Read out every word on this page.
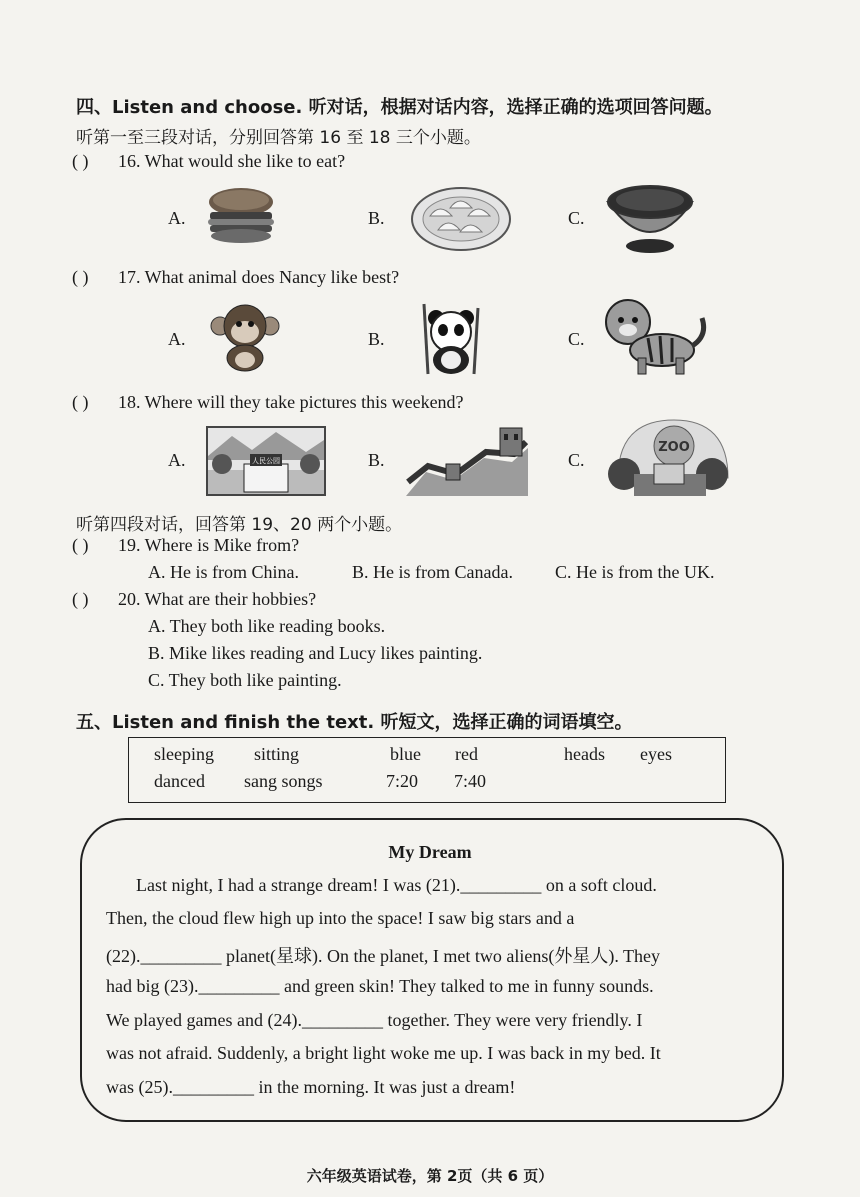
四、Listen and choose. 听对话，根据对话内容，选择正确的选项回答问题。
听第一至三段对话，分别回答第 16 至 18 三个小题。
( ) 16. What would she like to eat?
A.	B.	C.
( ) 17. What animal does Nancy like best?
A.	B.	C.
( ) 18. Where will they take pictures this weekend?
A.	人民公园	B.	C.
ZOO
听第四段对话，回答第 19、20 两个小题。
( ) 19. Where is Mike from?
A. He is from China.	B. He is from Canada. C. He is from the UK.
( ) 20. What are their hobbies?
A. They both like reading books.
B. Mike likes reading and Lucy likes painting.
C. They both like painting.
五、Listen and finish the text. 听短文，选择正确的词语填空。
sleeping sitting	blue red	heads eyes
danced sang songs	7:20 7:40
My Dream
Last night, I had a strange dream! I was (21)._________ on a soft cloud.
Then, the cloud flew high up into the space! I saw big stars and a
(22)._________ planet(星球). On the planet, I met two aliens(外星人). They
had big (23)._________ and green skin! They talked to me in funny sounds.
We played games and (24)._________ together. They were very friendly. I
was not afraid. Suddenly, a bright light woke me up. I was back in my bed. It
was (25)._________ in the morning. It was just a dream!
六年级英语试卷，第 2页（共 6 页）
